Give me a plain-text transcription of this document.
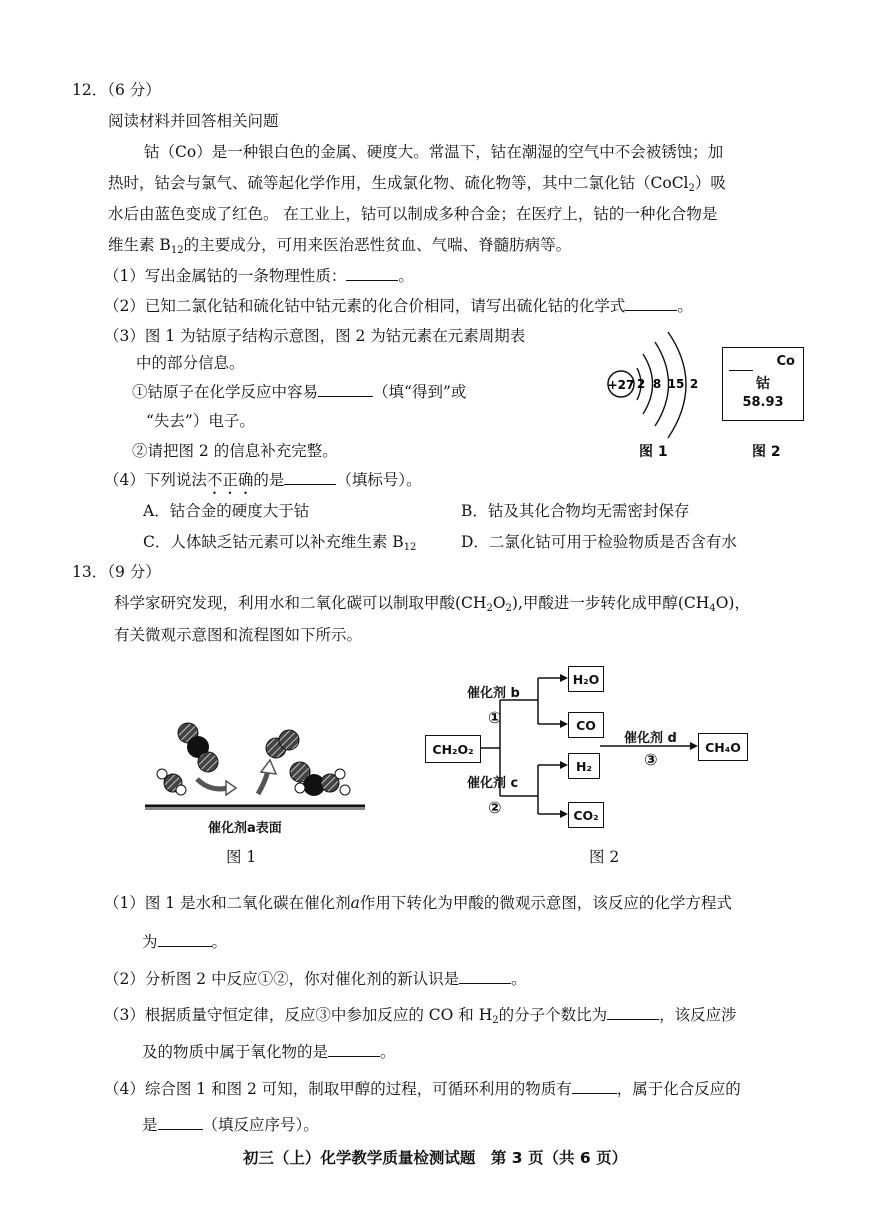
12．（6 分）
阅读材料并回答相关问题
钴（Co）是一种银白色的金属、硬度大。常温下，钴在潮湿的空气中不会被锈蚀；加
热时，钴会与氯气、硫等起化学作用，生成氯化物、硫化物等，其中二氯化钴（CoCl$_2$）吸
水后由蓝色变成了红色。 在工业上，钴可以制成多种合金；在医疗上，钴的一种化合物是
维生素 $B_{12}$的主要成分，可用来医治恶性贫血、气喘、脊髓肪病等。
（1）写出金属钴的一条物理性质：	。
（2）已知二氯化钴和硫化钴中钴元素的化合价相同，请写出硫化钴的化学式	。
（3）图 1 为钴原子结构示意图，图 2 为钴元素在元素周期表
中的部分信息。
①钴原子在化学反应中容易	（填“得到”或
“失去”）电子。
②请把图 2 的信息补充完整。
+27 2 8 15 2
图 1
Co
钴
58.93
图 2
（4）下列说法不正确的是	（填标号）。
A．钴合金的硬度大于钴	B．钴及其化合物均无需密封保存
C．人体缺乏钴元素可以补充维生素 $B_{12}$	D．二氯化钴可用于检验物质是否含有水
13．（9 分）
科学家研究发现，利用水和二氧化碳可以制取甲酸$(CH_2O_2)$,甲酸进一步转化成甲醇$(CH_4O)$，
有关微观示意图和流程图如下所示。
催化剂a表面
图 1
CH₂O₂
H₂O
CO
H₂
CO₂
CH₄O
催化剂 b
①
催化剂 c
②
催化剂 d
③
图 2
（1）图 1 是水和二氧化碳在催化剂a作用下转化为甲酸的微观示意图，该反应的化学方程式
为	。
（2）分析图 2 中反应①②，你对催化剂的新认识是	。
（3）根据质量守恒定律，反应③中参加反应的 CO 和 $H_2$的分子个数比为	，该反应涉
及的物质中属于氧化物的是	。
（4）综合图 1 和图 2 可知，制取甲醇的过程，可循环利用的物质有	，属于化合反应的
是	（填反应序号）。
初三（上）化学教学质量检测试题　第 3 页（共 6 页）
